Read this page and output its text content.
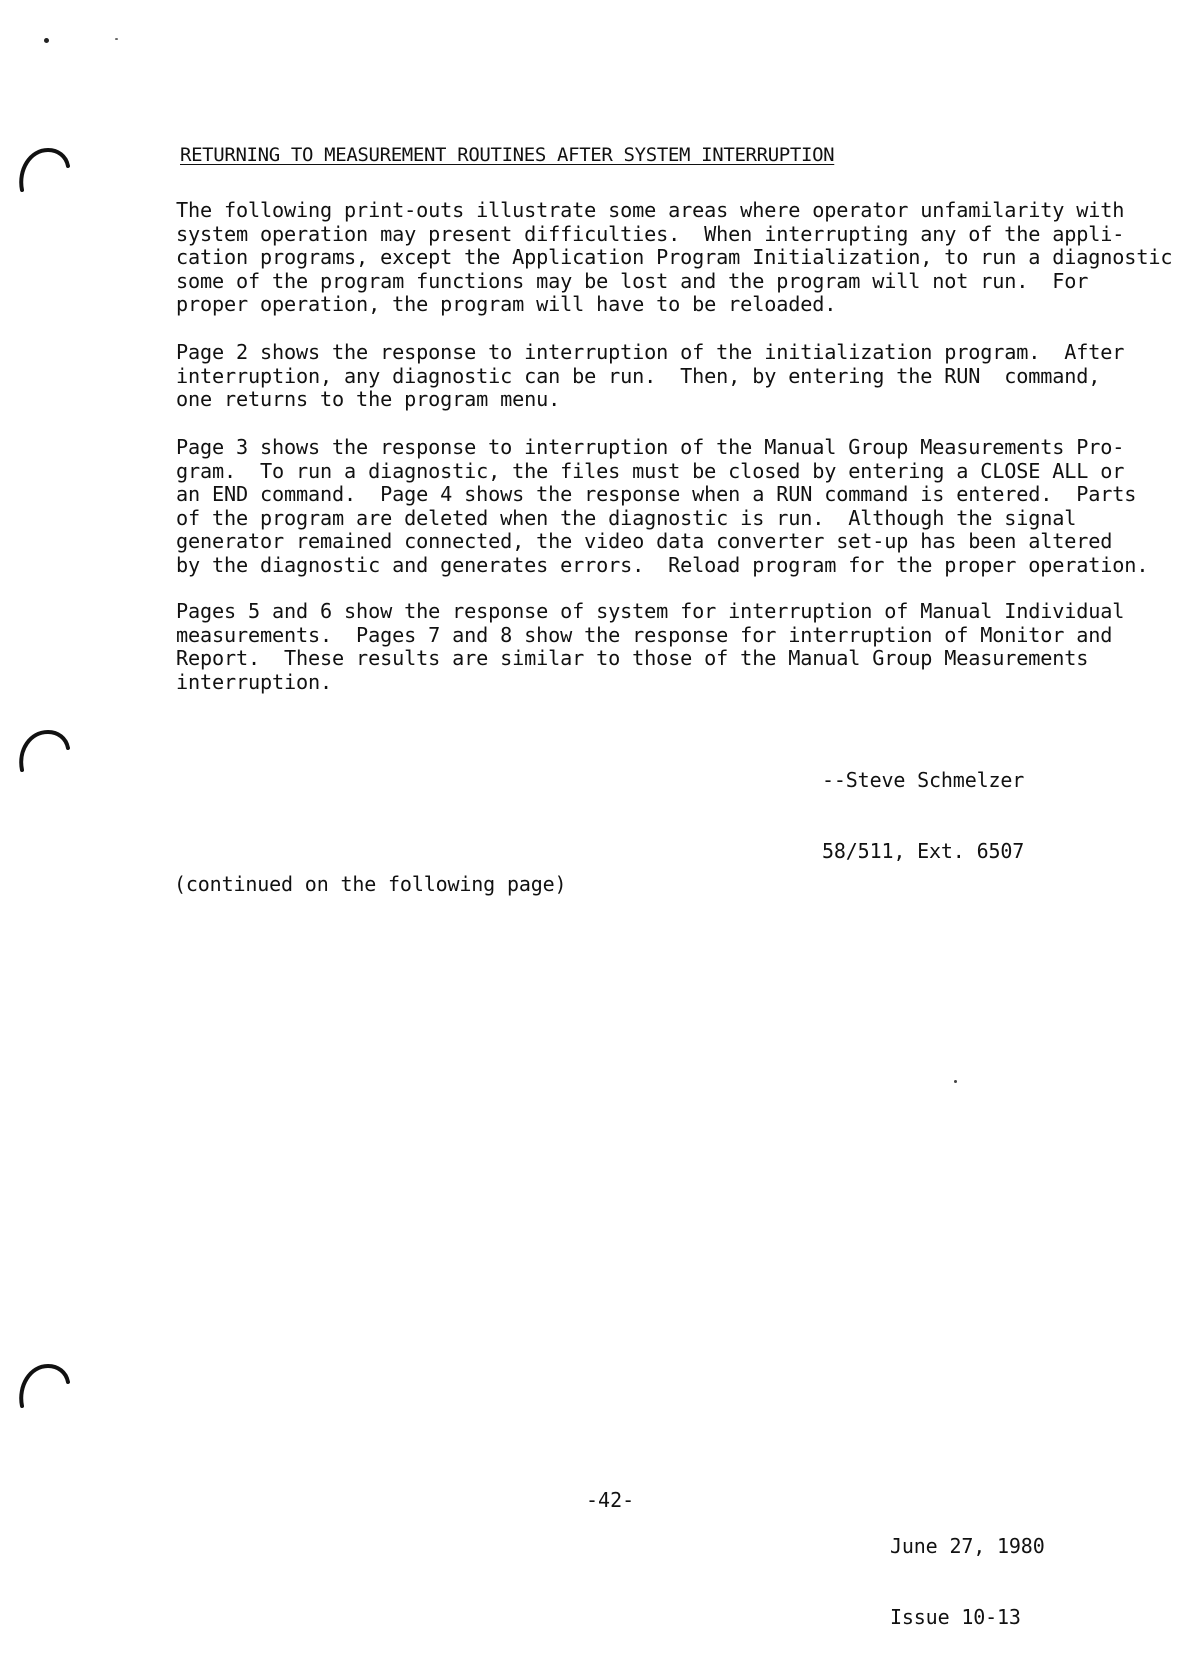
RETURNING TO MEASUREMENT ROUTINES AFTER SYSTEM INTERRUPTION
The following print-outs illustrate some areas where operator unfamilarity with
system operation may present difficulties.  When interrupting any of the appli-
cation programs, except the Application Program Initialization, to run a diagnostic
some of the program functions may be lost and the program will not run.  For
proper operation, the program will have to be reloaded.
Page 2 shows the response to interruption of the initialization program.  After
interruption, any diagnostic can be run.  Then, by entering the RUN  command,
one returns to the program menu.
Page 3 shows the response to interruption of the Manual Group Measurements Pro-
gram.  To run a diagnostic, the files must be closed by entering a CLOSE ALL or
an END command.  Page 4 shows the response when a RUN command is entered.  Parts
of the program are deleted when the diagnostic is run.  Although the signal
generator remained connected, the video data converter set-up has been altered
by the diagnostic and generates errors.  Reload program for the proper operation.
Pages 5 and 6 show the response of system for interruption of Manual Individual
measurements.  Pages 7 and 8 show the response for interruption of Monitor and
Report.  These results are similar to those of the Manual Group Measurements
interruption.

--Steve Schmelzer

58/511, Ext. 6507

(continued on the following page)
-42-

June 27, 1980

Issue 10-13
